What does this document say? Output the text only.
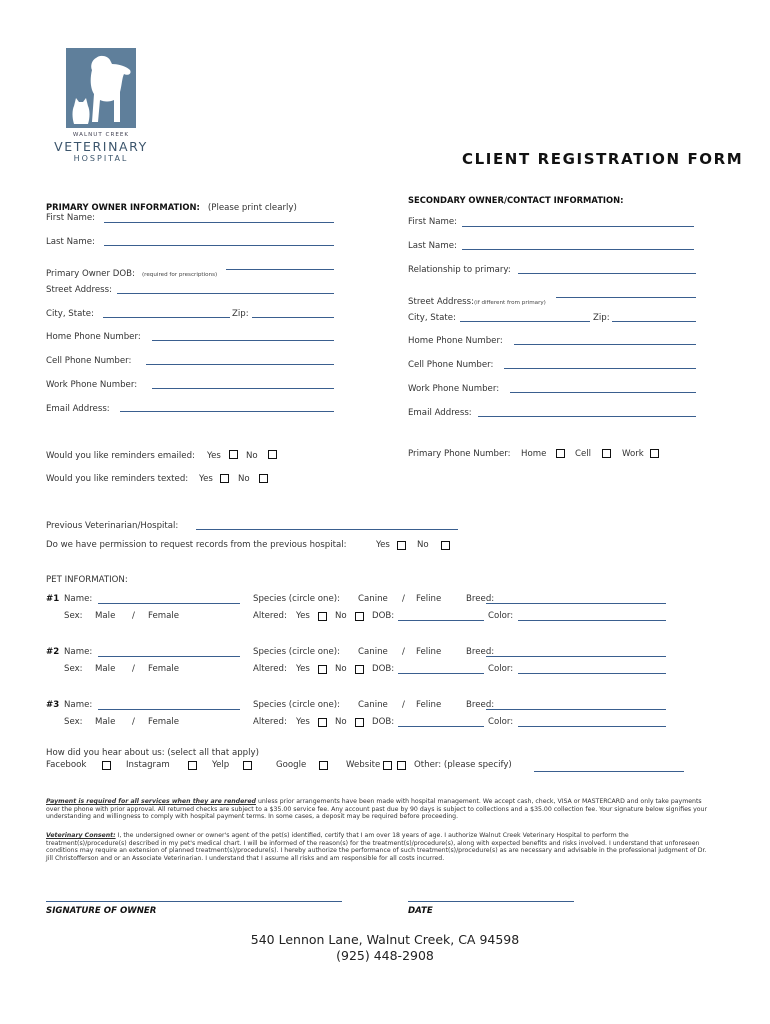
WALNUT CREEK
VETERINARY
HOSPITAL	CLIENT REGISTRATION FORM
PRIMARY OWNER INFORMATION: (Please print clearly)
First Name:
Last Name:
Primary Owner DOB: (required for prescriptions)
Street Address:
City, State:	Zip:
Home Phone Number:
Cell Phone Number:
Work Phone Number:
Email Address:
SECONDARY OWNER/CONTACT INFORMATION:
First Name:
Last Name:
Relationship to primary:
Street Address:(if different from primary)
City, State:	Zip:
Home Phone Number:
Cell Phone Number:
Work Phone Number:
Email Address:
Would you like reminders emailed: Yes	No
Would you like reminders texted: Yes	No
Primary Phone Number: Home	Cell	Work
Previous Veterinarian/Hospital:
Do we have permission to request records from the previous hospital:	Yes	No
PET INFORMATION:
#1 Name:	Species (circle one): Canine / Feline	Breed:
Sex: Male / Female	Altered: Yes	No	DOB:	Color:
#2 Name:	Species (circle one): Canine / Feline	Breed:
Sex: Male / Female	Altered: Yes	No	DOB:	Color:
#3 Name:	Species (circle one): Canine / Feline	Breed:
Sex: Male / Female	Altered: Yes	No	DOB:	Color:
How did you hear about us: (select all that apply)
Facebook	Instagram	Yelp	Google	Website	Other: (please specify)
Payment is required for all services when they are rendered unless prior arrangements have been made with hospital management. We accept cash, check, VISA or MASTERCARD and only take payments over the phone with prior approval. All returned checks are subject to a $35.00 service fee. Any account past due by 90 days is subject to collections and a $35.00 collection fee. Your signature below signifies your understanding and willingness to comply with hospital payment terms. In some cases, a deposit may be required before proceeding.
Veterinary Consent: I, the undersigned owner or owner's agent of the pet(s) identified, certify that I am over 18 years of age. I authorize Walnut Creek Veterinary Hospital to perform the treatment(s)/procedure(s) described in my pet's medical chart. I will be informed of the reason(s) for the treatment(s)/procedure(s), along with expected benefits and risks involved. I understand that unforeseen conditions may require an extension of planned treatment(s)/procedure(s). I hereby authorize the performance of such treatment(s)/procedure(s) as are necessary and advisable in the professional judgment of Dr. Jill Christofferson and or an Associate Veterinarian. I understand that I assume all risks and am responsible for all costs incurred.
SIGNATURE OF OWNER	DATE
540 Lennon Lane, Walnut Creek, CA 94598
(925) 448-2908
